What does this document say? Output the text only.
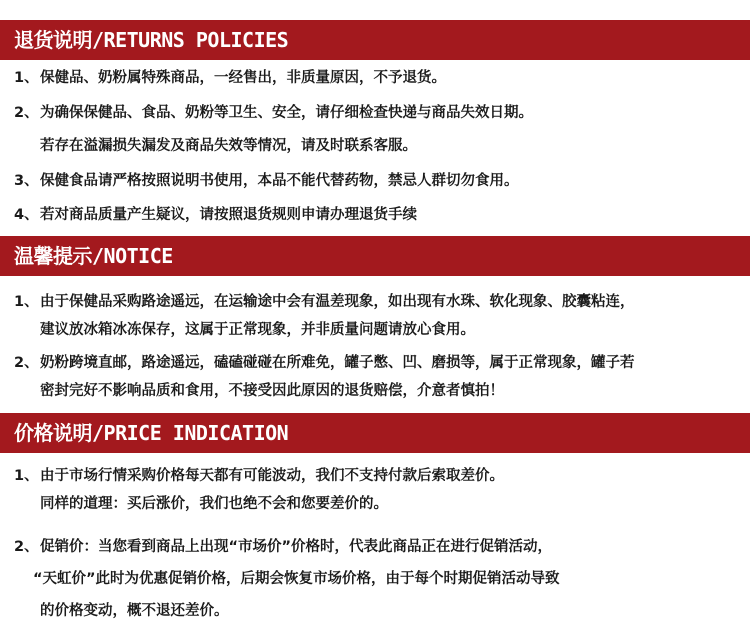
退货说明/RETURNS POLICIES
1、 保健品、奶粉属特殊商品，一经售出，非质量原因，不予退货。
2、 为确保保健品、食品、奶粉等卫生、安全，请仔细检查快递与商品失效日期。
若存在溢漏损失漏发及商品失效等情况，请及时联系客服。
3、 保健食品请严格按照说明书使用，本品不能代替药物，禁忌人群切勿食用。
4、 若对商品质量产生疑议，请按照退货规则申请办理退货手续
温馨提示/NOTICE
1、 由于保健品采购路途遥远，在运输途中会有温差现象，如出现有水珠、软化现象、胶囊粘连，
建议放冰箱冰冻保存，这属于正常现象，并非质量问题请放心食用。
2、 奶粉跨境直邮，路途遥远，磕磕碰碰在所难免，罐子憋、凹、磨损等，属于正常现象，罐子若
密封完好不影响品质和食用，不接受因此原因的退货赔偿，介意者慎拍！
价格说明/PRICE INDICATION
1、 由于市场行情采购价格每天都有可能波动，我们不支持付款后索取差价。
同样的道理：买后涨价，我们也绝不会和您要差价的。
2、 促销价：当您看到商品上出现“市场价”价格时，代表此商品正在进行促销活动，
“天虹价”此时为优惠促销价格，后期会恢复市场价格，由于每个时期促销活动导致
的价格变动，概不退还差价。
